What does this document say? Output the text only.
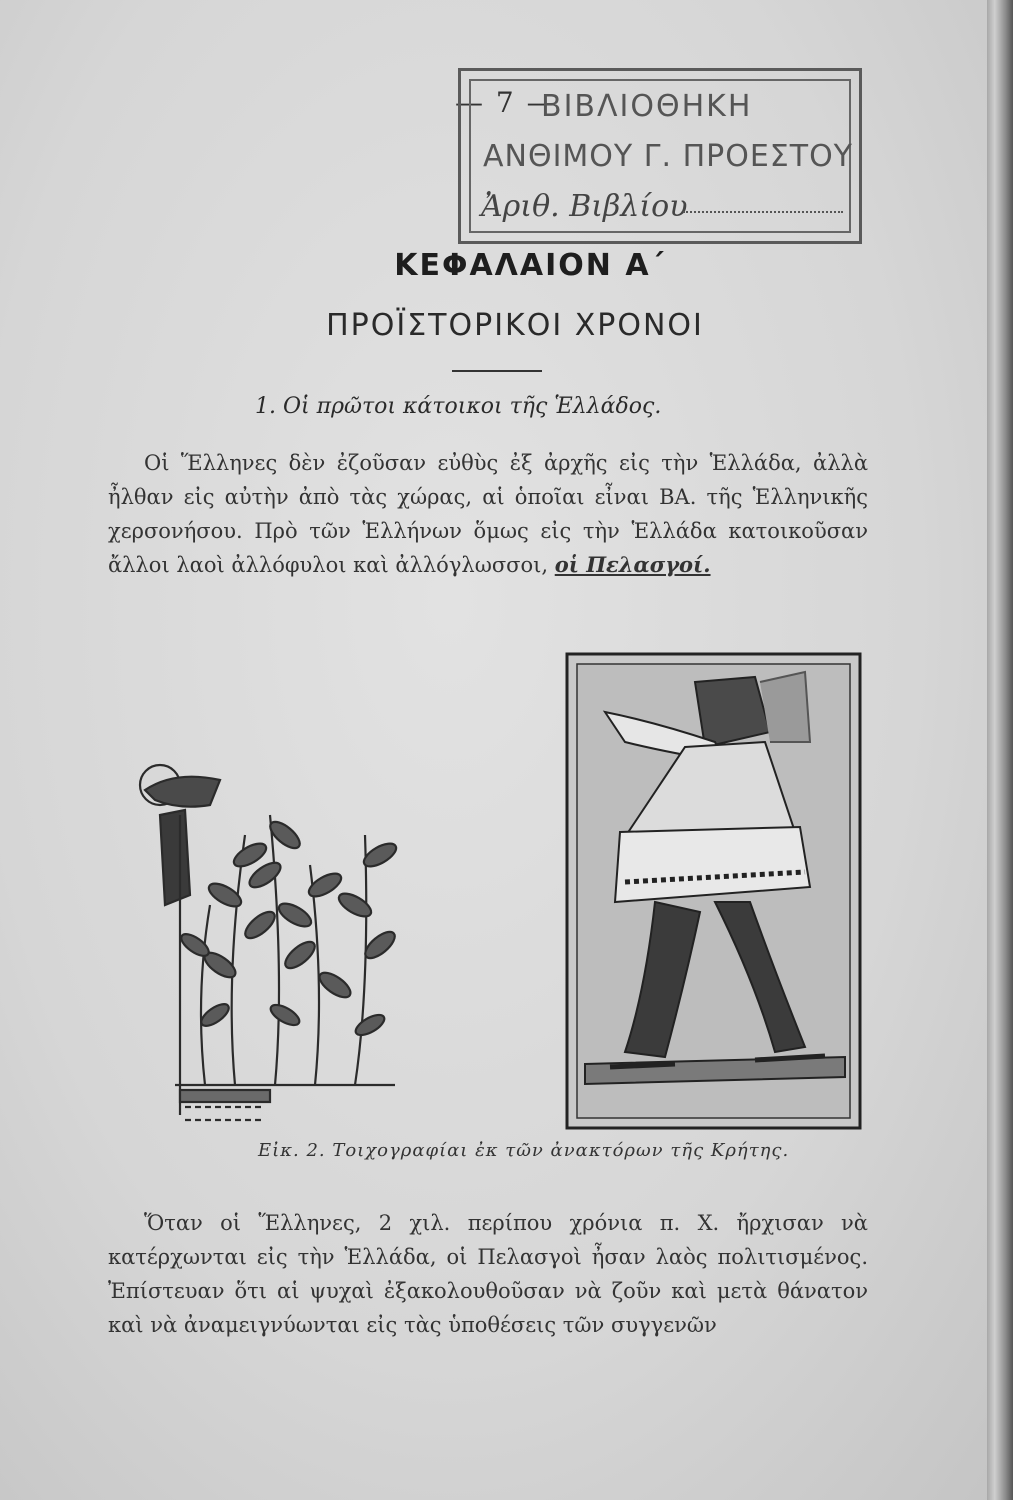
— 7 —
ΒΙΒΛΙΟΘΗΚΗ
ΑΝΘΙΜΟΥ Γ. ΠΡΟΕΣΤΟΥ
Ἀριθ. Βιβλίου
ΚΕΦΑΛΑΙΟΝ Α΄
ΠΡΟΪΣΤΟΡΙΚΟΙ ΧΡΟΝΟΙ
1. Οἱ πρῶτοι κάτοικοι τῆς Ἑλλάδος.
Οἱ Ἕλληνες δὲν ἐζοῦσαν εὐθὺς ἐξ ἀρχῆς εἰς τὴν Ἑλλάδα, ἀλλὰ ἦλθαν εἰς αὐτὴν ἀπὸ τὰς χώρας, αἱ ὁποῖαι εἶναι ΒΑ. τῆς Ἑλληνικῆς χερσονήσου. Πρὸ τῶν Ἑλλήνων ὅμως εἰς τὴν Ἑλλάδα κατοικοῦσαν ἄλλοι λαοὶ ἀλλόφυλοι καὶ ἀλλόγλωσσοι, οἱ Πελασγοί.
Εἰκ. 2. Τοιχογραφίαι ἐκ τῶν ἀνακτόρων τῆς Κρήτης.
Ὅταν οἱ Ἕλληνες, 2 χιλ. περίπου χρόνια π. Χ. ἤρχισαν νὰ κατέρχωνται εἰς τὴν Ἑλλάδα, οἱ Πελασγοὶ ἦσαν λαὸς πολιτισμένος. Ἐπίστευαν ὅτι αἱ ψυχαὶ ἐξακολουθοῦσαν νὰ ζοῦν καὶ μετὰ θάνατον καὶ νὰ ἀναμειγνύωνται εἰς τὰς ὑποθέσεις τῶν συγγενῶν
